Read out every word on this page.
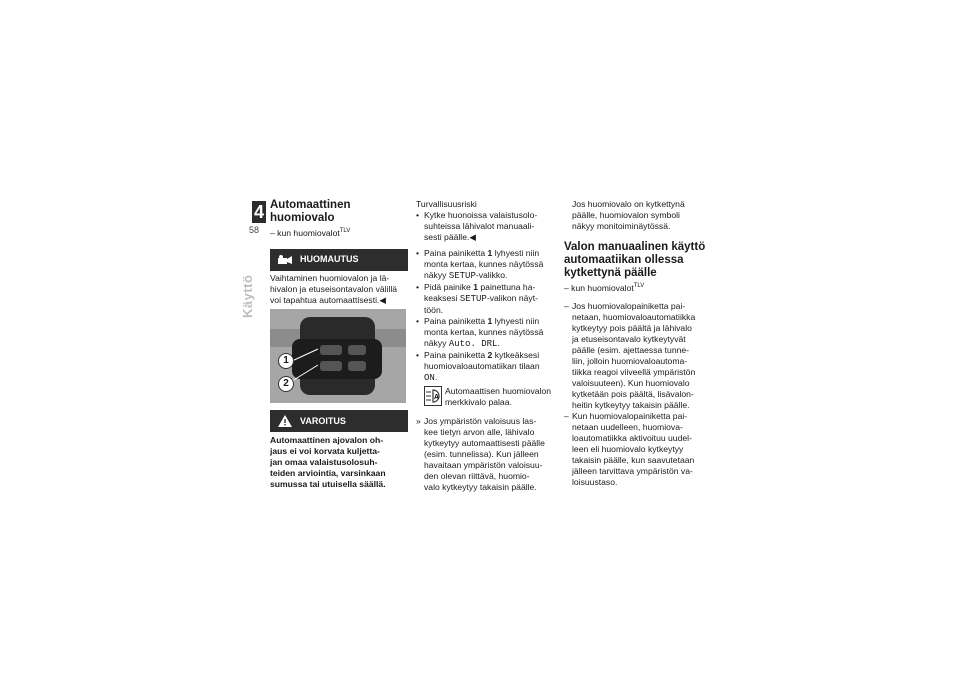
4
58
Käyttö
Automaattinen
huomiovalo

– kun huomiovalot$^{TLV}$

HUOMAUTUS

Vaihtaminen huomiovalon ja lä-
hivalon ja etuseisontavalon välillä
voi tapahtua automaattisesti.◀

1
2
VAROITUS

Automaattinen ajovalon oh-
jaus ei voi korvata kuljetta-
jan omaa valaistusolosuh-
teiden arviointia, varsinkaan
sumussa tai utuisella säällä.

Turvallisuusriski

• Kytke huonoissa valaistusolo-
suhteissa lähivalot manuaali-
sesti päälle.◀
• Paina painiketta 1 lyhyesti niin
monta kertaa, kunnes näytössä
näkyy SETUP-valikko.
• Pidä painike 1 painettuna ha-
keaksesi SETUP-valikon näyt-
töön.
• Paina painiketta 1 lyhyesti niin
monta kertaa, kunnes näytössä
näkyy Auto. DRL.
• Paina painiketta 2 kytkeäksesi
huomiovaloautomatiikan tilaan
ON.
A

Automaattisen huomiovalon
merkkivalo palaa.

» Jos ympäristön valoisuus las-
kee tietyn arvon alle, lähivalo
kytkeytyy automaattisesti päälle
(esim. tunnelissa). Kun jälleen
havaitaan ympäristön valoisuu-
den olevan riittävä, huomio-
valo kytkeytyy takaisin päälle.

Jos huomiovalo on kytkettynä
päälle, huomiovalon symboli
näkyy monitoiminäytössä.

Valon manuaalinen käyttö
automaatiikan ollessa
kytkettynä päälle

– kun huomiovalot$^{TLV}$

– Jos huomiovalopainiketta pai-
netaan, huomiovaloautomatiikka
kytkeytyy pois päältä ja lähivalo
ja etuseisontavalo kytkeytyvät
päälle (esim. ajettaessa tunne-
liin, jolloin huomiovaloautoma-
tiikka reagoi viiveellä ympäristön
valoisuuteen). Kun huomiovalo
kytketään pois päältä, lisävalon-
heitin kytkeytyy takaisin päälle.
– Kun huomiovalopainiketta pai-
netaan uudelleen, huomiova-
loautomatiikka aktivoituu uudel-
leen eli huomiovalo kytkeytyy
takaisin päälle, kun saavutetaan
jälleen tarvittava ympäristön va-
loisuustaso.
